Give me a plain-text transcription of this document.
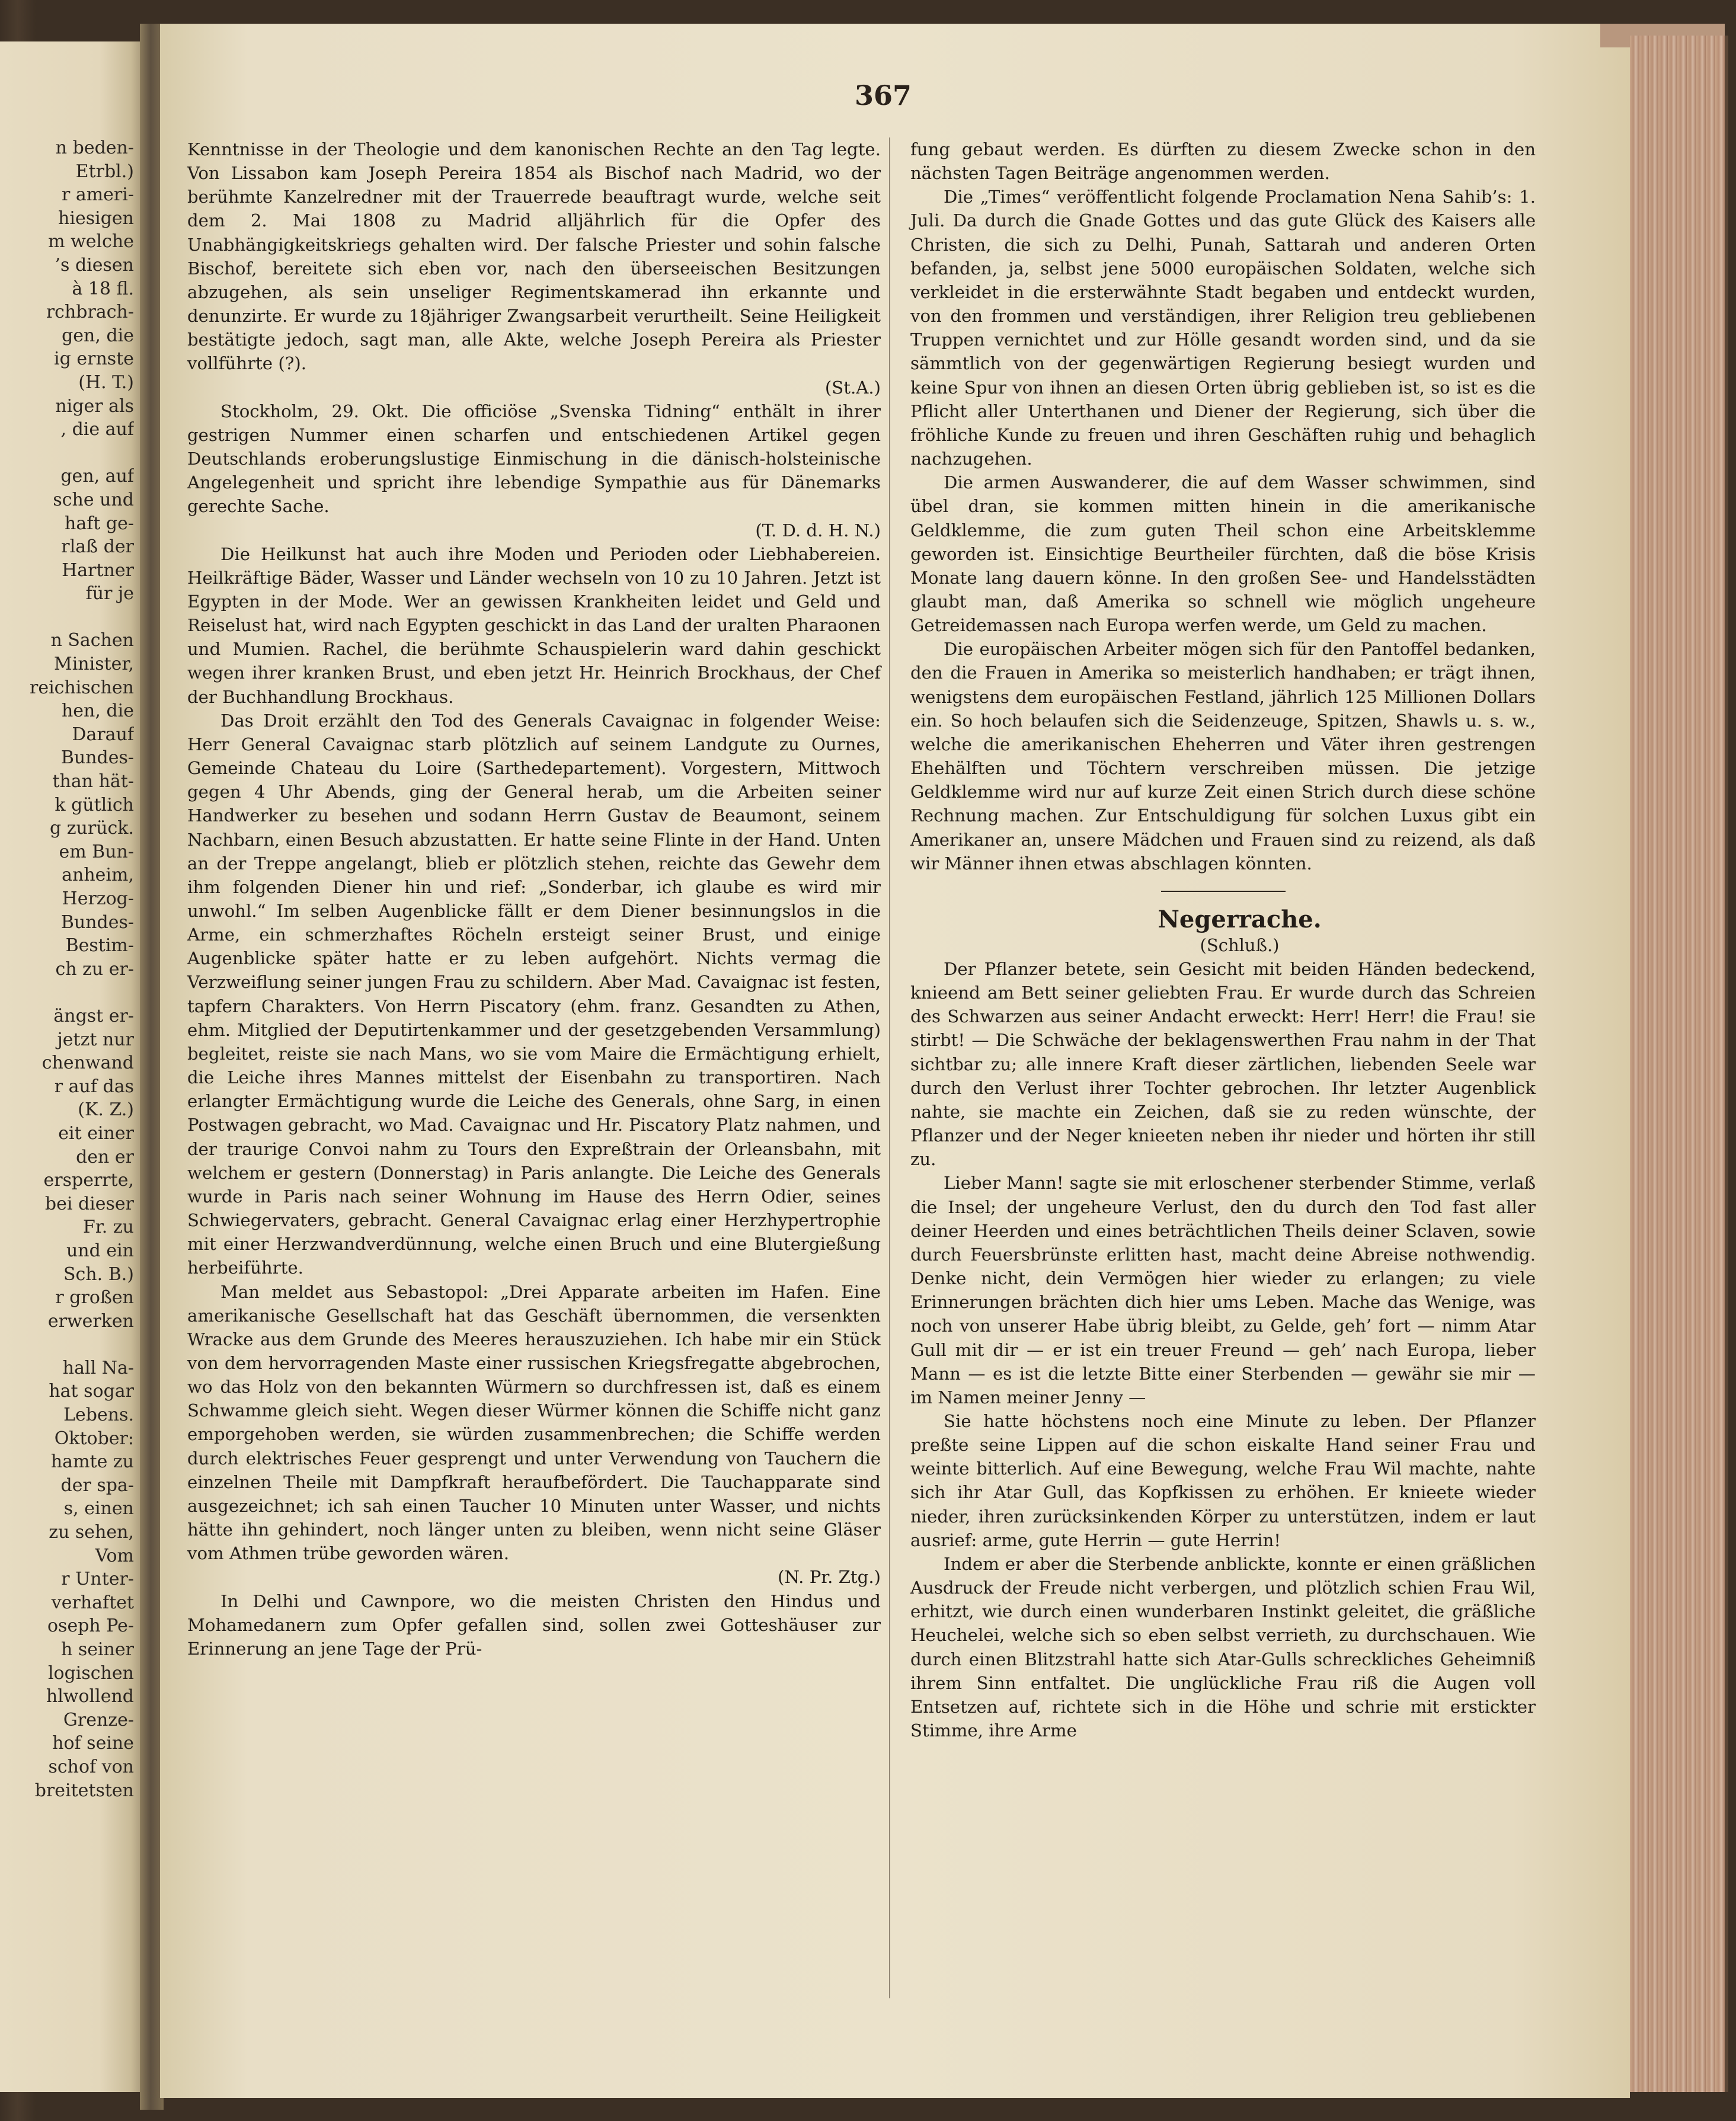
n beden-
Etrbl.)
r ameri-
hiesigen
m welche
’s diesen
à 18 fl.
rchbrach-
gen, die
ig ernste
(H. T.)
niger als
, die auf
gen, auf
sche und
haft ge-
rlaß der
Hartner
für je
n Sachen
Minister,
reichischen
hen, die
Darauf
Bundes-
than hät-
k gütlich
g zurück.
em Bun-
anheim,
Herzog-
Bundes-
Bestim-
ch zu er-
ängst er-
jetzt nur
chenwand
r auf das
(K. Z.)
eit einer
den er
ersperrte,
bei dieser
Fr. zu
und ein
Sch. B.)
r großen
erwerken
hall Na-
hat sogar
Lebens.
Oktober:
hamte zu
der spa-
s, einen
zu sehen,
Vom
r Unter-
verhaftet
oseph Pe-
h seiner
logischen
hlwollend
Grenze-
hof seine
schof von
breitetsten
367

Kenntnisse in der Theologie und dem kanonischen Rechte an den Tag legte. Von Lissabon kam Joseph Pereira 1854 als Bischof nach Madrid, wo der berühmte Kanzelredner mit der Trauerrede beauftragt wurde, welche seit dem 2. Mai 1808 zu Madrid alljährlich für die Opfer des Unabhängigkeitskriegs gehalten wird. Der falsche Priester und sohin falsche Bischof, bereitete sich eben vor, nach den überseeischen Besitzungen abzugehen, als sein unseliger Regimentskamerad ihn erkannte und denunzirte. Er wurde zu 18jähriger Zwangsarbeit verurtheilt. Seine Heiligkeit bestätigte jedoch, sagt man, alle Akte, welche Joseph Pereira als Priester vollführte (?).
(St.A.)

Stockholm, 29. Okt. Die officiöse „Svenska Tidning“ enthält in ihrer gestrigen Nummer einen scharfen und entschiedenen Artikel gegen Deutschlands eroberungslustige Einmischung in die dänisch-holsteinische Angelegenheit und spricht ihre lebendige Sympathie aus für Dänemarks gerechte Sache.
(T. D. d. H. N.)

Die Heilkunst hat auch ihre Moden und Perioden oder Liebhabereien. Heilkräftige Bäder, Wasser und Länder wechseln von 10 zu 10 Jahren. Jetzt ist Egypten in der Mode. Wer an gewissen Krankheiten leidet und Geld und Reiselust hat, wird nach Egypten geschickt in das Land der uralten Pharaonen und Mumien. Rachel, die berühmte Schauspielerin ward dahin geschickt wegen ihrer kranken Brust, und eben jetzt Hr. Heinrich Brockhaus, der Chef der Buchhandlung Brockhaus.

Das Droit erzählt den Tod des Generals Cavaignac in folgender Weise: Herr General Cavaignac starb plötzlich auf seinem Landgute zu Ournes, Gemeinde Chateau du Loire (Sarthedepartement). Vorgestern, Mittwoch gegen 4 Uhr Abends, ging der General herab, um die Arbeiten seiner Handwerker zu besehen und sodann Herrn Gustav de Beaumont, seinem Nachbarn, einen Besuch abzustatten. Er hatte seine Flinte in der Hand. Unten an der Treppe angelangt, blieb er plötzlich stehen, reichte das Gewehr dem ihm folgenden Diener hin und rief: „Sonderbar, ich glaube es wird mir unwohl.“ Im selben Augenblicke fällt er dem Diener besinnungslos in die Arme, ein schmerzhaftes Röcheln ersteigt seiner Brust, und einige Augenblicke später hatte er zu leben aufgehört. Nichts vermag die Verzweiflung seiner jungen Frau zu schildern. Aber Mad. Cavaignac ist festen, tapfern Charakters. Von Herrn Piscatory (ehm. franz. Gesandten zu Athen, ehm. Mitglied der Deputirtenkammer und der gesetzgebenden Versammlung) begleitet, reiste sie nach Mans, wo sie vom Maire die Ermächtigung erhielt, die Leiche ihres Mannes mittelst der Eisenbahn zu transportiren. Nach erlangter Ermächtigung wurde die Leiche des Generals, ohne Sarg, in einen Postwagen gebracht, wo Mad. Cavaignac und Hr. Piscatory Platz nahmen, und der traurige Convoi nahm zu Tours den Expreßtrain der Orleansbahn, mit welchem er gestern (Donnerstag) in Paris anlangte. Die Leiche des Generals wurde in Paris nach seiner Wohnung im Hause des Herrn Odier, seines Schwiegervaters, gebracht. General Cavaignac erlag einer Herzhypertrophie mit einer Herzwandverdünnung, welche einen Bruch und eine Blutergießung herbeiführte.

Man meldet aus Sebastopol: „Drei Apparate arbeiten im Hafen. Eine amerikanische Gesellschaft hat das Geschäft übernommen, die versenkten Wracke aus dem Grunde des Meeres herauszuziehen. Ich habe mir ein Stück von dem hervorragenden Maste einer russischen Kriegsfregatte abgebrochen, wo das Holz von den bekannten Würmern so durchfressen ist, daß es einem Schwamme gleich sieht. Wegen dieser Würmer können die Schiffe nicht ganz emporgehoben werden, sie würden zusammenbrechen; die Schiffe werden durch elektrisches Feuer gesprengt und unter Verwendung von Tauchern die einzelnen Theile mit Dampfkraft heraufbefördert. Die Tauchapparate sind ausgezeichnet; ich sah einen Taucher 10 Minuten unter Wasser, und nichts hätte ihn gehindert, noch länger unten zu bleiben, wenn nicht seine Gläser vom Athmen trübe geworden wären.
(N. Pr. Ztg.)

In Delhi und Cawnpore, wo die meisten Christen den Hindus und Mohamedanern zum Opfer gefallen sind, sollen zwei Gotteshäuser zur Erinnerung an jene Tage der Prü-

fung gebaut werden. Es dürften zu diesem Zwecke schon in den nächsten Tagen Beiträge angenommen werden.

Die „Times“ veröffentlicht folgende Proclamation Nena Sahib’s: 1. Juli. Da durch die Gnade Gottes und das gute Glück des Kaisers alle Christen, die sich zu Delhi, Punah, Sattarah und anderen Orten befanden, ja, selbst jene 5000 europäischen Soldaten, welche sich verkleidet in die ersterwähnte Stadt begaben und entdeckt wurden, von den frommen und verständigen, ihrer Religion treu gebliebenen Truppen vernichtet und zur Hölle gesandt worden sind, und da sie sämmtlich von der gegenwärtigen Regierung besiegt wurden und keine Spur von ihnen an diesen Orten übrig geblieben ist, so ist es die Pflicht aller Unterthanen und Diener der Regierung, sich über die fröhliche Kunde zu freuen und ihren Geschäften ruhig und behaglich nachzugehen.

Die armen Auswanderer, die auf dem Wasser schwimmen, sind übel dran, sie kommen mitten hinein in die amerikanische Geldklemme, die zum guten Theil schon eine Arbeitsklemme geworden ist. Einsichtige Beurtheiler fürchten, daß die böse Krisis Monate lang dauern könne. In den großen See- und Handelsstädten glaubt man, daß Amerika so schnell wie möglich ungeheure Getreidemassen nach Europa werfen werde, um Geld zu machen.

Die europäischen Arbeiter mögen sich für den Pantoffel bedanken, den die Frauen in Amerika so meisterlich handhaben; er trägt ihnen, wenigstens dem europäischen Festland, jährlich 125 Millionen Dollars ein. So hoch belaufen sich die Seidenzeuge, Spitzen, Shawls u. s. w., welche die amerikanischen Eheherren und Väter ihren gestrengen Ehehälften und Töchtern verschreiben müssen. Die jetzige Geldklemme wird nur auf kurze Zeit einen Strich durch diese schöne Rechnung machen. Zur Entschuldigung für solchen Luxus gibt ein Amerikaner an, unsere Mädchen und Frauen sind zu reizend, als daß wir Männer ihnen etwas abschlagen könnten.

Negerrache.

(Schluß.)

Der Pflanzer betete, sein Gesicht mit beiden Händen bedeckend, knieend am Bett seiner geliebten Frau. Er wurde durch das Schreien des Schwarzen aus seiner Andacht erweckt: Herr! Herr! die Frau! sie stirbt! — Die Schwäche der beklagenswerthen Frau nahm in der That sichtbar zu; alle innere Kraft dieser zärtlichen, liebenden Seele war durch den Verlust ihrer Tochter gebrochen. Ihr letzter Augenblick nahte, sie machte ein Zeichen, daß sie zu reden wünschte, der Pflanzer und der Neger knieeten neben ihr nieder und hörten ihr still zu.

Lieber Mann! sagte sie mit erloschener sterbender Stimme, verlaß die Insel; der ungeheure Verlust, den du durch den Tod fast aller deiner Heerden und eines beträchtlichen Theils deiner Sclaven, sowie durch Feuersbrünste erlitten hast, macht deine Abreise nothwendig. Denke nicht, dein Vermögen hier wieder zu erlangen; zu viele Erinnerungen brächten dich hier ums Leben. Mache das Wenige, was noch von unserer Habe übrig bleibt, zu Gelde, geh’ fort — nimm Atar Gull mit dir — er ist ein treuer Freund — geh’ nach Europa, lieber Mann — es ist die letzte Bitte einer Sterbenden — gewähr sie mir — im Namen meiner Jenny —

Sie hatte höchstens noch eine Minute zu leben. Der Pflanzer preßte seine Lippen auf die schon eiskalte Hand seiner Frau und weinte bitterlich. Auf eine Bewegung, welche Frau Wil machte, nahte sich ihr Atar Gull, das Kopfkissen zu erhöhen. Er knieete wieder nieder, ihren zurücksinkenden Körper zu unterstützen, indem er laut ausrief: arme, gute Herrin — gute Herrin!

Indem er aber die Sterbende anblickte, konnte er einen gräßlichen Ausdruck der Freude nicht verbergen, und plötzlich schien Frau Wil, erhitzt, wie durch einen wunderbaren Instinkt geleitet, die gräßliche Heuchelei, welche sich so eben selbst verrieth, zu durchschauen. Wie durch einen Blitzstrahl hatte sich Atar-Gulls schreckliches Geheimniß ihrem Sinn entfaltet. Die unglückliche Frau riß die Augen voll Entsetzen auf, richtete sich in die Höhe und schrie mit erstickter Stimme, ihre Arme
